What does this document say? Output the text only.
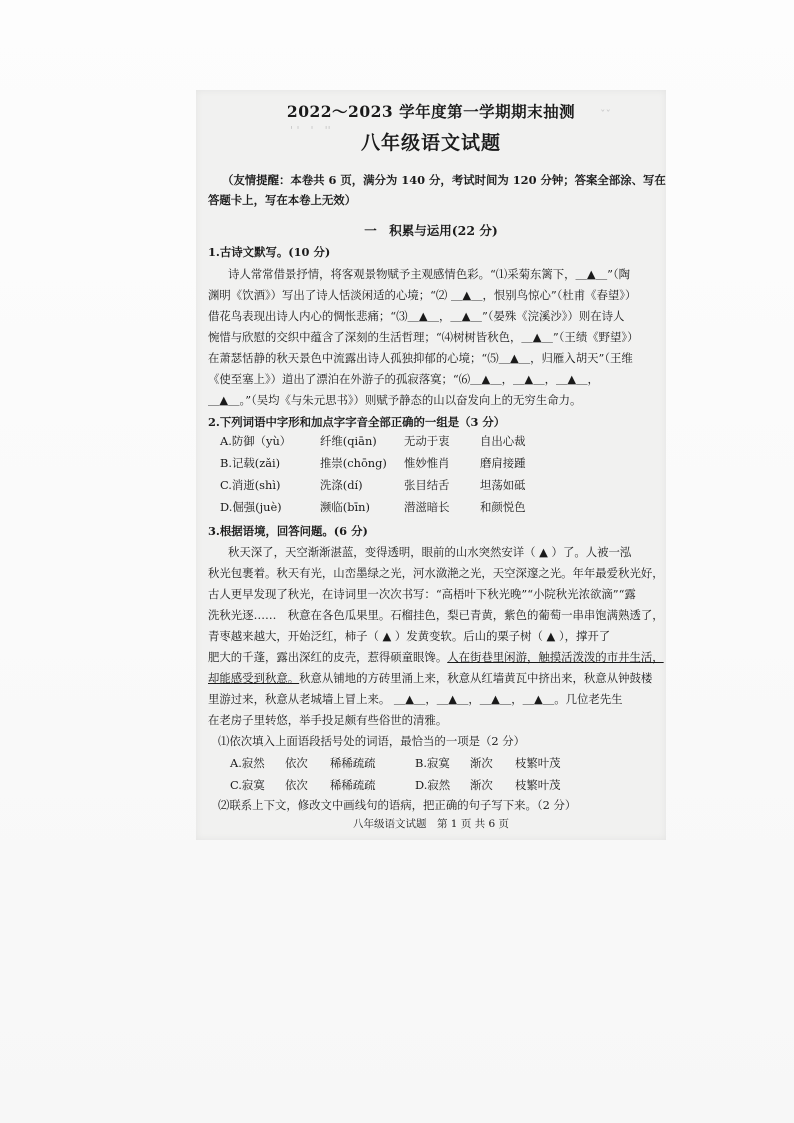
' '　'　''
ˇˇ
2022～2023 学年度第一学期期末抽测
八年级语文试题
（友情提醒：本卷共 6 页，满分为 140 分，考试时间为 120 分钟；答案全部涂、写在
答题卡上，写在本卷上无效）
一　积累与运用(22 分)
1.古诗文默写。(10 分)
诗人常常借景抒情，将客观景物赋予主观感情色彩。“⑴采菊东篱下，＿▲＿”（陶
渊明《饮酒》）写出了诗人恬淡闲适的心境；“⑵ ＿▲＿，恨别鸟惊心”（杜甫《春望》）
借花鸟表现出诗人内心的惆怅悲痛；“⑶＿▲＿，＿▲＿”（晏殊《浣溪沙》）则在诗人
惋惜与欣慰的交织中蕴含了深刻的生活哲理；“⑷树树皆秋色，＿▲＿”（王绩《野望》）
在萧瑟恬静的秋天景色中流露出诗人孤独抑郁的心境；“⑸＿▲＿，归雁入胡天”（王维
《使至塞上》）道出了漂泊在外游子的孤寂落寞；“⑹＿▲＿，＿▲＿，＿▲＿，
＿▲＿。”（吴均《与朱元思书》）则赋予静态的山以奋发向上的无穷生命力。
2.下列词语中字形和加点字字音全部正确的一组是（3 分）
A.防御（yù）	纤维(qiān)	无动于衷	自出心裁
B.记载(zǎi)	推崇(chōng)	惟妙惟肖	磨肩接踵
C.消逝(shì)	洗涤(dí)	张目结舌	坦荡如砥
D.倔强(juè)	濒临(bīn)	潜滋暗长	和颜悦色
3.根据语境，回答问题。(6 分)
秋天深了，天空渐渐湛蓝，变得透明，眼前的山水突然安详（ ▲ ）了。人被一泓
秋光包裹着。秋天有光，山峦墨绿之光，河水潋滟之光，天空深邃之光。年年最爱秋光好，
古人更早发现了秋光，在诗词里一次次书写：“高梧叶下秋光晚”“小院秋光浓欲滴”“露
洗秋光逐……　秋意在各色瓜果里。石榴挂色，梨已青黄，紫色的葡萄一串串饱满熟透了，
青枣越来越大，开始泛红，柿子（ ▲ ）发黄变软。后山的栗子树（ ▲ ），撑开了
肥大的千蓬，露出深红的皮壳，惹得硕童眼馋。人在街巷里闲游，触摸活泼泼的市井生活，
却能感受到秋意。秋意从铺地的方砖里涌上来，秋意从红墙黄瓦中挤出来，秋意从钟鼓楼
里游过来，秋意从老城墙上冒上来。 ＿▲＿，＿▲＿，＿▲＿，＿▲＿。几位老先生
在老房子里转悠，举手投足颇有些俗世的清雅。
⑴依次填入上面语段括号处的词语，最恰当的一项是（2 分）
A.寂然	依次	稀稀疏疏	B.寂寞	渐次	枝繁叶茂
C.寂寞	依次	稀稀疏疏	D.寂然	渐次	枝繁叶茂
⑵联系上下文，修改文中画线句的语病，把正确的句子写下来。（2 分）
八年级语文试题　第 1 页 共 6 页
